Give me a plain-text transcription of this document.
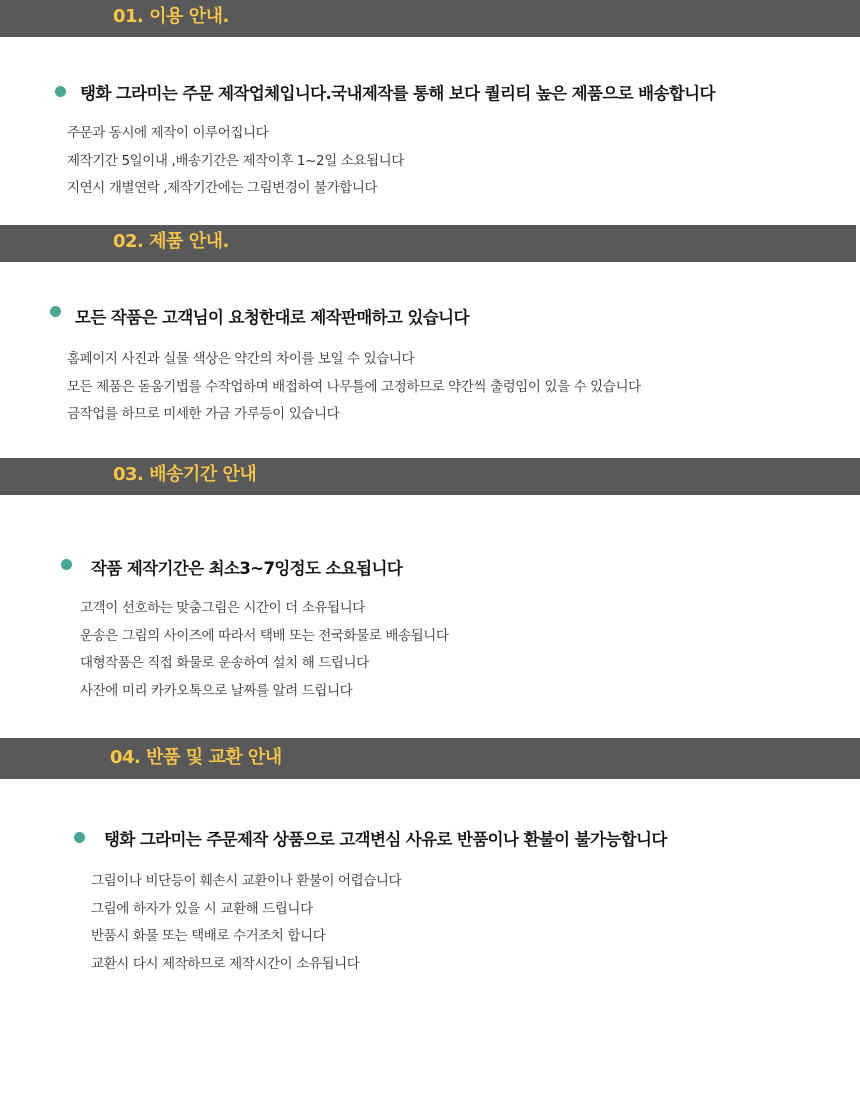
01. 이용 안내.
탱화 그라미는 주문 제작업체입니다.국내제작를 통해 보다 퀄리티 높은 제품으로 배송합니다
주문과 동시에 제작이 이루어집니다
제작기간 5일이내 ,배송기간은 제작이후 1~2일 소요됩니다
지연시 개별연락 ,제작기간에는 그림변경이 불가합니다
02. 제품 안내.
모든 작품은 고객님이 요청한대로 제작판매하고 있습니다
홈페이지 사진과 실물 색상은 약간의 차이를 보일 수 있습니다
모든 제품은 돋움기법를 수작업하며 배접하여 나무틀에 고정하므로 약간씩 출렁임이 있을 수 있습니다
금작업를 하므로 미세한 가금 가루등이 있습니다
03. 배송기간 안내
작품 제작기간은 최소3~7잉정도 소요됩니다
고객이 선호하는 맞춤그림은 시간이 더 소유됩니다
운송은 그림의 사이즈에 따라서 택배 또는 전국화물로 배송됩니다
대형작품은 직접 화물로 운송하여 설치 해 드립니다
사잔에 미리 카카오톡으로 날짜를 알려 드립니다
04. 반품 및 교환 안내
탱화 그라미는 주문제작 상품으로 고객변심 사유로 반품이나 환불이 불가능합니다
그림이나 비단등이 훼손시 교환이나 환불이 어렵습니다
그림에 하자가 있을 시 교환해 드립니다
반품시 화물 또는 택배로 수거조치 합니다
교환시 다시 제작하므로 제작시간이 소유됩니다
